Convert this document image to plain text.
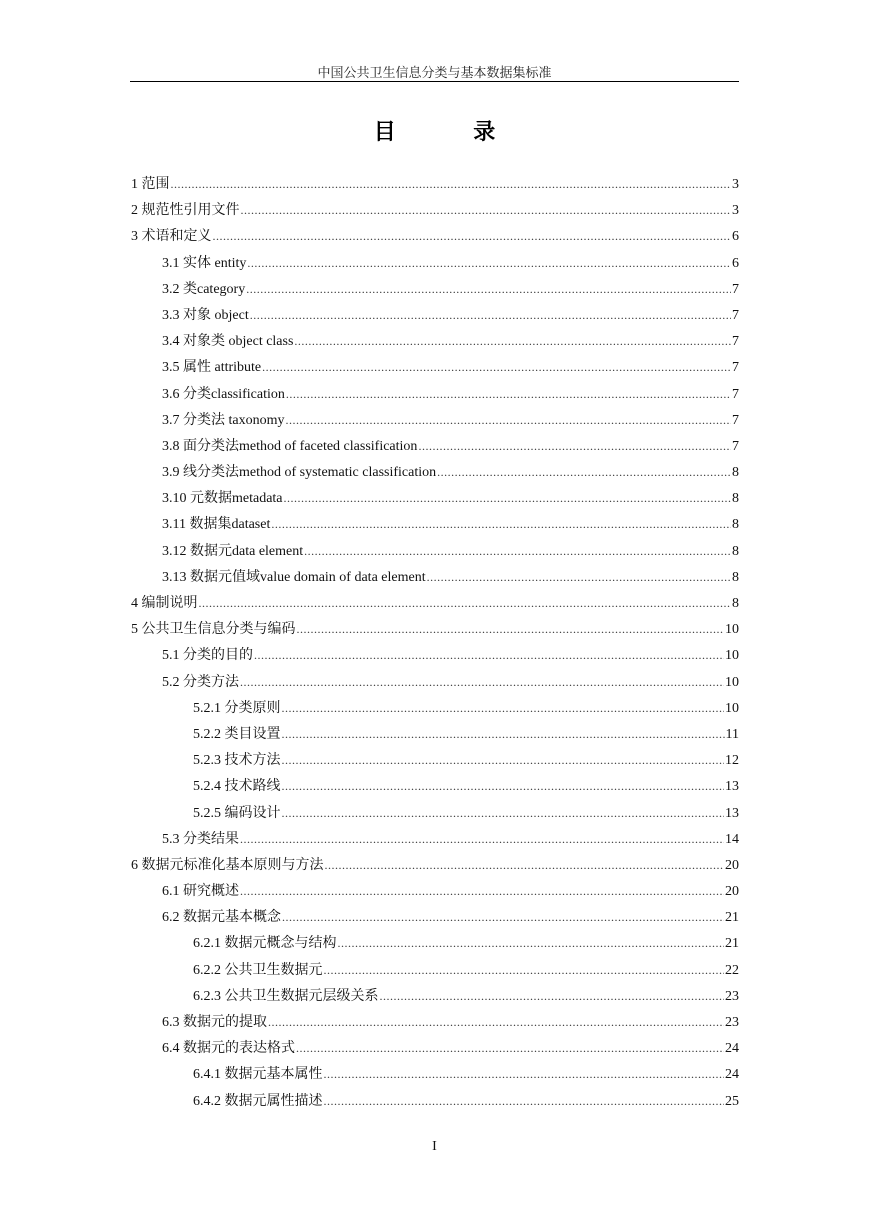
中国公共卫生信息分类与基本数据集标准
目 录
1 范围 .....	3
2 规范性引用文件 .....	3
3 术语和定义 .....	6
3.1 实体 entity .....	6
3.2 类category .....	7
3.3 对象 object .....	7
3.4 对象类 object class .....	7
3.5 属性 attribute .....	7
3.6 分类classification .....	7
3.7 分类法 taxonomy .....	7
3.8 面分类法method of faceted classification .....	7
3.9 线分类法method of systematic classification .....	8
3.10 元数据metadata .....	8
3.11 数据集dataset .....	8
3.12 数据元data element .....	8
3.13 数据元值域value domain of data element .....	8
4 编制说明 .....	8
5 公共卫生信息分类与编码 .....	10
5.1 分类的目的 .....	10
5.2 分类方法 .....	10
5.2.1 分类原则 .....	10
5.2.2 类目设置 .....	11
5.2.3 技术方法 .....	12
5.2.4 技术路线 .....	13
5.2.5 编码设计 .....	13
5.3 分类结果 .....	14
6 数据元标准化基本原则与方法 .....	20
6.1 研究概述 .....	20
6.2 数据元基本概念 .....	21
6.2.1 数据元概念与结构 .....	21
6.2.2 公共卫生数据元 .....	22
6.2.3 公共卫生数据元层级关系 .....	23
6.3 数据元的提取 .....	23
6.4 数据元的表达格式 .....	24
6.4.1 数据元基本属性 .....	24
6.4.2 数据元属性描述 .....	25
I
